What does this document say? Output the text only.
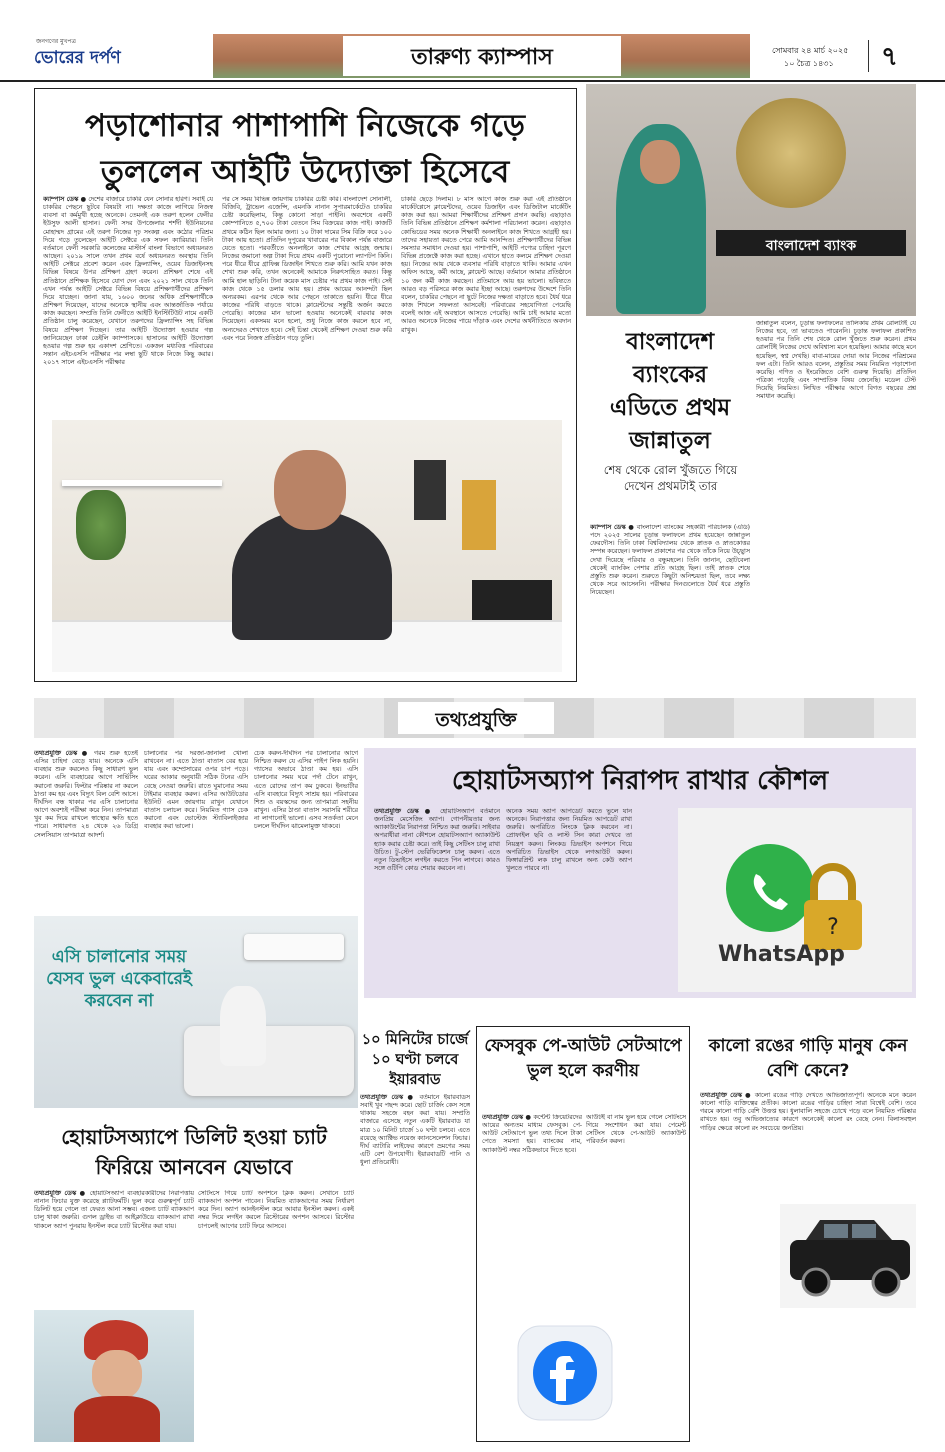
জনগণের মুখপত্র
ভোরের দর্পণ	তারুণ্য ক্যাম্পাস	সোমবার ২৪ মার্চ ২০২৫
১০ চৈত্র ১৪৩১ ৭
পড়াশোনার পাশাপাশি নিজেকে গড়ে
তুললেন আইটি উদ্যোক্তা হিসেবে
ক্যাম্পাস ডেস্ক ● দেশের বাজারে চাকরি যেন সোনার হরিণ। সবাই যে চাকরির পেছনে ছুটবে বিষয়টা না। দক্ষতা কাজে লাগিয়ে নিজস্ব ব্যবসা বা কর্মমুখী হচ্ছে অনেকে। তেমনই এক তরুণ হলেন ফেনীর ইউসুফ আলী হাসান। ফেনী সদর উপজেলার শর্শদী ইউনিয়নের মোহাম্মদ গ্রামের এই তরুণ নিজের দৃঢ় সংকল্প এবং কঠোর পরিশ্রম দিয়ে গড়ে তুলেছেন আইটি সেক্টরে এক সফল ক্যারিয়ার। তিনি বর্তমানে ফেনী সরকারি কলেজের মাস্টার্স বাংলা বিভাগে অধ্যয়নরত আছেন। ২০১৯ সালে তখন প্রথম বর্ষে অধ্যয়নরত অবস্থায় তিনি আইটি সেক্টরে প্রবেশ করেন এবং ফ্রিল্যান্সিং, ওয়েব ডিজাইনসহ বিভিন্ন বিষয়ে উপর প্রশিক্ষণ গ্রহণ করেন। প্রশিক্ষণ শেষে এই প্রতিষ্ঠানে প্রশিক্ষক হিসেবে যোগ দেন এবং ২০২১ সাল থেকে তিনি এখন পর্যন্ত আইটি সেক্টরে বিভিন্ন বিষয়ে প্রশিক্ষণার্থীদের প্রশিক্ষণ দিয়ে যাচ্ছেন। জানা যায়, ১৬০০ জনের অধিক প্রশিক্ষণার্থীকে প্রশিক্ষণ দিয়েছেন, যাদের অনেকে স্থানীয় এবং আন্তর্জাতিক পর্যায়ে কাজ করছেন। সম্প্রতি তিনি ফেনীতে আইটি ইনস্টিটিউট নামে একটি প্রতিষ্ঠান চালু করেছেন, যেখানে তরুণদের ফ্রিল্যান্সিং সহ বিভিন্ন বিষয়ে প্রশিক্ষণ দিচ্ছেন। তার আইটি উদ্যোক্তা হওয়ার গল্প জানিয়েছেন ঢাকা ডেইলি ক্যাম্পাসকে। হাসানের আইটি উদ্যোক্তা হওয়ার গল্প শুরু হয় একাদশ শ্রেণিতে। একজন মধ্যবিত্ত পরিবারের সন্তান এইচএসসি পরীক্ষার পর লম্বা ছুটি থাকে নিজে কিছু করার। ২০১৭ সালে এইচএসসি পরীক্ষার
পর সে সময় বিভিন্ন জায়গায় চাকরির চেষ্টা করি। বাংলাদেশ সোনালী, বিজিবি, ট্রাভেল এজেন্সি, এমনকি নানান সুপারমার্কেটেও চাকরির চেষ্টা করেছিলাম, কিন্তু কোনো সাড়া পাইনি। অবশেষে একটি কোম্পানিতে ৫,৭০০ টাকা বেতনে সিম বিক্রয়ের কাজ পাই। কাজটি প্রথমে কঠিন ছিল আমার জন্য। ১০ টাকা দামের সিম বিক্রি করে ১০০ টাকা আয় হতো। প্রতিদিন দুপুরের খাবারের পর বিকাল পর্যন্ত বাজারে যেতে হতো। পরবর্তীতে অনলাইনে কাজ শেখার আগ্রহ জন্মায়। নিজের জমানো অল্প টাকা দিয়ে প্রথম একটি পুরোনো ল্যাপটপ কিনি। পরে ধীরে ধীরে গ্রাফিক্স ডিজাইন শিখতে শুরু করি। আমি যখন কাজ শেখা শুরু করি, তখন অনেকেই আমাকে নিরুৎসাহিত করত। কিন্তু আমি হাল ছাড়িনি। টানা কয়েক মাস চেষ্টার পর প্রথম কাজ পাই। সেই কাজ থেকে ১৫ ডলার আয় হয়। প্রথম আয়ের আনন্দটা ছিল অন্যরকম। এরপর থেকে আর পেছনে তাকাতে হয়নি। ধীরে ধীরে কাজের পরিধি বাড়তে থাকে। ক্লায়েন্টদের সন্তুষ্টি অর্জন করতে পেরেছি। কাজের মান ভালো হওয়ায় অনেকেই বারবার কাজ দিয়েছেন। একসময় মনে হলো, শুধু নিজে কাজ করলে হবে না, অন্যদেরও শেখাতে হবে। সেই চিন্তা থেকেই প্রশিক্ষণ দেওয়া শুরু করি এবং পরে নিজস্ব প্রতিষ্ঠান গড়ে তুলি।
চাকরি ছেড়ে দিলাম। ৮ মাস আগে কাজ শুরু করা এই প্রতিষ্ঠানে মার্কেটপ্লেসে ক্লায়েন্টদের, ওয়েব ডিজাইন এবং ডিজিটাল মার্কেটিং কাজ করা হয়। আমরা শিক্ষার্থীদের প্রশিক্ষণ প্রদান করছি। এছাড়াও তিনি বিভিন্ন প্রতিষ্ঠানে প্রশিক্ষণ কর্মশালা পরিচালনা করেন। এছাড়াও কোভিডের সময় অনেক শিক্ষার্থী অনলাইনে কাজ শিখতে আগ্রহী হয়। তাদের সহায়তা করতে পেরে আমি আনন্দিত। প্রশিক্ষণার্থীদের বিভিন্ন সমস্যার সমাধান দেওয়া হয়। পাশাপাশি, আইটি পণ্যের চাহিদা পূরণে বিভিন্ন প্রজেক্টে কাজ করা হচ্ছে। এখানে হাতে কলমে প্রশিক্ষণ দেওয়া হয়। নিজের আয় থেকে ব্যবসার পরিধি বাড়াতে থাকি। আমার এখন অফিস আছে, কর্মী আছে, ক্লায়েন্ট আছে। বর্তমানে আমার প্রতিষ্ঠানে ১০ জন কর্মী কাজ করছেন। প্রতিমাসে আয় হয় ভালো। ভবিষ্যতে আরও বড় পরিসরে কাজ করার ইচ্ছা আছে। তরুণদের উদ্দেশে তিনি বলেন, চাকরির পেছনে না ছুটে নিজের দক্ষতা বাড়াতে হবে। ধৈর্য ধরে কাজ শিখলে সফলতা আসবেই। পরিবারের সহযোগিতা পেয়েছি বলেই আজ এই অবস্থানে আসতে পেরেছি। আমি চাই আমার মতো আরও অনেকে নিজের পায়ে দাঁড়াক এবং দেশের অর্থনীতিতে অবদান রাখুক।
বাংলাদেশ ব্যাংক
বাংলাদেশ ব্যাংকের এডিতে প্রথম জান্নাতুল
শেষ থেকে রোল খুঁজতে গিয়ে দেখেন প্রথমটাই তার
জান্নাতুল বলেন, চূড়ান্ত ফলাফলের তালিকায় প্রথম রোলটাই যে নিজের হবে, তা ভাবতেও পারেননি। চূড়ান্ত ফলাফল প্রকাশিত হওয়ার পর তিনি শেষ থেকে রোল খুঁজতে শুরু করেন। প্রথম রোলটিই নিজের দেখে অবিশ্বাস্য মনে হয়েছিল। আমার কাছে মনে হয়েছিল, স্বপ্ন দেখছি। বাবা-মায়ের দোয়া আর নিজের পরিশ্রমের ফল এটা। তিনি আরও বলেন, প্রস্তুতির সময় নিয়মিত পড়াশোনা করেছি। গণিত ও ইংরেজিতে বেশি গুরুত্ব দিয়েছি। প্রতিদিন পত্রিকা পড়েছি এবং সাম্প্রতিক বিষয় জেনেছি। মডেল টেস্ট দিয়েছি নিয়মিত। লিখিত পরীক্ষার আগে বিগত বছরের প্রশ্ন সমাধান করেছি।
ক্যাম্পাস ডেস্ক ● বাংলাদেশ ব্যাংকের সহকারী পরিচালক (এডি) পদে ২০২৫ সালের চূড়ান্ত ফলাফলে প্রথম হয়েছেন জান্নাতুল ফেরদৌস। তিনি ঢাকা বিশ্ববিদ্যালয় থেকে স্নাতক ও স্নাতকোত্তর সম্পন্ন করেছেন। ফলাফল প্রকাশের পর থেকে তাঁকে নিয়ে উচ্ছ্বাস দেখা দিয়েছে পরিবার ও বন্ধুমহলে। তিনি জানান, ছোটবেলা থেকেই ব্যাংকিং পেশার প্রতি আগ্রহ ছিল। তাই স্নাতক শেষে প্রস্তুতি শুরু করেন। শুরুতে কিছুটা অনিশ্চয়তা ছিল, তবে লক্ষ্য থেকে সরে আসেননি। পরীক্ষার দিনগুলোতে ধৈর্য ধরে প্রস্তুতি নিয়েছেন।
তথ্যপ্রযুক্তি
তথ্যপ্রযুক্তি ডেস্ক ● গরম শুরু হতেই এসির চাহিদা বেড়ে যায়। অনেকে এসি ব্যবহার শুরু করলেও কিছু সাধারণ ভুল করেন। এসি ব্যবহারের আগে সার্ভিসিং করানো জরুরি। ফিল্টার পরিষ্কার না করলে ঠাণ্ডা কম হয় এবং বিদ্যুৎ বিল বেশি আসে। দীর্ঘদিন বন্ধ থাকার পর এসি চালানোর আগে অবশ্যই পরীক্ষা করে নিন। তাপমাত্রা খুব কম দিয়ে রাখলে স্বাস্থ্যের ক্ষতি হতে পারে। সাধারণত ২৪ থেকে ২৬ ডিগ্রি সেলসিয়াস তাপমাত্রা আদর্শ।
চালানোর পর দরজা-জানালা খোলা রাখবেন না। এতে ঠাণ্ডা বাতাস বের হয়ে যায় এবং কম্প্রেসারের ওপর চাপ পড়ে। ঘরের আকার অনুযায়ী সঠিক টনের এসি বেছে নেওয়া জরুরি। রাতে ঘুমানোর সময় টাইমার ব্যবহার করুন। এসির আউটডোর ইউনিট এমন জায়গায় রাখুন যেখানে বাতাস চলাচল করে। নিয়মিত গ্যাস চেক করানো এবং ভোল্টেজ স্ট্যাবিলাইজার ব্যবহার করা ভালো।
চেক করুন-দীর্ঘদিন পর চালানোর আগে নিশ্চিত করুন যে এসির পাইপ লিক হয়নি। গ্যাসের অভাবে ঠাণ্ডা কম হয়। এসি চালানোর সময় ঘরে পর্দা টেনে রাখুন, এতে রোদের তাপ কম ঢুকবে। ইনভার্টার এসি ব্যবহারে বিদ্যুৎ সাশ্রয় হয়। পরিবারের শিশু ও বয়স্কদের জন্য তাপমাত্রা সহনীয় রাখুন। এসির ঠাণ্ডা বাতাস সরাসরি শরীরে না লাগানোই ভালো। এসব সতর্কতা মেনে চললে দীর্ঘদিন ঝামেলামুক্ত থাকবে।
এসি চালানোর সময় যেসব ভুল একেবারেই করবেন না
হোয়াটসঅ্যাপ নিরাপদ রাখার কৌশল
তথ্যপ্রযুক্তি ডেস্ক ● হোয়াটসঅ্যাপ বর্তমানে জনপ্রিয় মেসেজিং অ্যাপ। গোপনীয়তার জন্য অ্যাকাউন্টের নিরাপত্তা নিশ্চিত করা জরুরি। সাইবার অপরাধীরা নানা কৌশলে হোয়াটসঅ্যাপ অ্যাকাউন্ট হ্যাক করার চেষ্টা করে। তাই কিছু সেটিংস চালু রাখা উচিত। টু-স্টেপ ভেরিফিকেশন চালু করুন। এতে নতুন ডিভাইসে লগইন করতে পিন লাগবে। কারও সঙ্গে ওটিপি কোড শেয়ার করবেন না।
অনেক সময় অ্যাপ আপডেট করতে ভুলে যান অনেকে। নিরাপত্তার জন্য নিয়মিত আপডেট রাখা জরুরি। অপরিচিত লিংকে ক্লিক করবেন না। প্রোফাইল ছবি ও লাস্ট সিন কারা দেখবে তা নিয়ন্ত্রণ করুন। লিংকড ডিভাইস অপশনে গিয়ে অপরিচিত ডিভাইস থেকে লগআউট করুন। ফিঙ্গারপ্রিন্ট লক চালু রাখলে অন্য কেউ অ্যাপ খুলতে পারবে না।
?
WhatsApp
হোয়াটসঅ্যাপে ডিলিট হওয়া চ্যাট ফিরিয়ে আনবেন যেভাবে
তথ্যপ্রযুক্তি ডেস্ক ● হোয়াটসঅ্যাপ ব্যবহারকারীদের নিরাপত্তায় নানান ফিচার যুক্ত করেছে প্ল্যাটফর্মটি। ভুল করে গুরুত্বপূর্ণ চ্যাট ডিলিট হয়ে গেলে তা ফেরত আনা সম্ভব। এজন্য চ্যাট ব্যাকআপ চালু থাকা জরুরি। গুগল ড্রাইভ বা আইক্লাউডে ব্যাকআপ রাখা থাকলে অ্যাপ পুনরায় ইনস্টল করে চ্যাট রিস্টোর করা যায়।
সেটিংসে গিয়ে চ্যাট অপশনে ক্লিক করুন। সেখানে চ্যাট ব্যাকআপ অপশন পাবেন। নিয়মিত ব্যাকআপের সময় নির্ধারণ করে দিন। অ্যাপ আনইনস্টল করে আবার ইনস্টল করুন। একই নম্বর দিয়ে লগইন করলে রিস্টোরের অপশন আসবে। রিস্টোর চাপলেই আগের চ্যাট ফিরে আসবে।
১০ মিনিটের চার্জে ১০ ঘণ্টা চলবে ইয়ারবাড
তথ্যপ্রযুক্তি ডেস্ক ● বর্তমানে ইয়ারবাডস সবাই খুব পছন্দ করে। ছোট চার্জিং কেস সঙ্গে থাকায় সহজে বহন করা যায়। সম্প্রতি বাজারে এসেছে নতুন একটি ইয়ারবাড যা মাত্র ১০ মিনিট চার্জে ১০ ঘণ্টা চলবে। এতে রয়েছে অ্যাক্টিভ নয়েজ ক্যানসেলেশন ফিচার। দীর্ঘ ব্যাটারি লাইফের কারণে ভ্রমণের সময় এটি বেশ উপযোগী। ইয়ারবাডটি পানি ও ধুলা প্রতিরোধী।
ফেসবুক পে-আউট সেটআপে ভুল হলে করণীয়
তথ্যপ্রযুক্তি ডেস্ক ● কন্টেন্ট ক্রিয়েটরদের আয়ের অন্যতম মাধ্যম ফেসবুক। পে-আউট সেটআপে ভুল তথ্য দিলে টাকা পেতে সমস্যা হয়। ব্যাংকের নাম, অ্যাকাউন্ট নম্বর সঠিকভাবে দিতে হবে।
আউটই বা নাম ভুল হয়ে গেলে সেটিংসে গিয়ে সংশোধন করা যায়। পেমেন্ট সেটিংস থেকে পে-আউট অ্যাকাউন্ট পরিবর্তন করুন।
কালো রঙের গাড়ি মানুষ কেন বেশি কেনে?
তথ্যপ্রযুক্তি ডেস্ক ● কালো রঙের গাড়ি দেখতে আভিজাত্যপূর্ণ। অনেকে মনে করেন কালো গাড়ি ব্যক্তিত্বের প্রতীক। কালো রঙের গাড়ির চাহিদা সারা বিশ্বেই বেশি। তবে গরমে কালো গাড়ি বেশি উত্তপ্ত হয়। ধুলাবালি সহজে চোখে পড়ে বলে নিয়মিত পরিষ্কার রাখতে হয়। তবু আভিজাত্যের কারণে অনেকেই কালো রং বেছে নেন। বিলাসবহুল গাড়ির ক্ষেত্রে কালো রং সবচেয়ে জনপ্রিয়।
